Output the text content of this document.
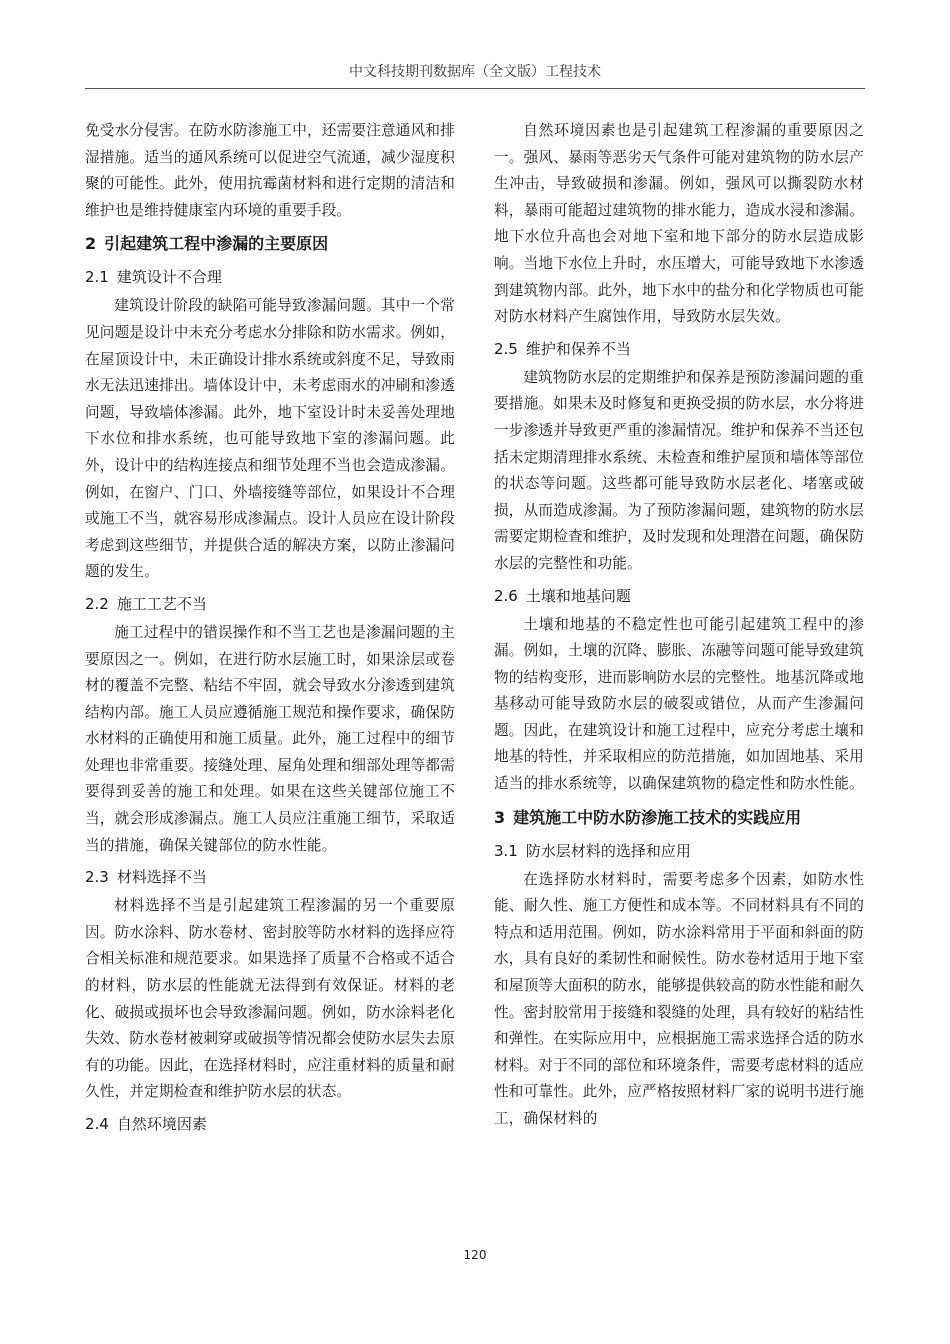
中文科技期刊数据库（全文版）工程技术

免受水分侵害。在防水防渗施工中，还需要注意通风和排湿措施。适当的通风系统可以促进空气流通，减少湿度积聚的可能性。此外，使用抗霉菌材料和进行定期的清洁和维护也是维持健康室内环境的重要手段。

2 引起建筑工程中渗漏的主要原因
2.1 建筑设计不合理

建筑设计阶段的缺陷可能导致渗漏问题。其中一个常见问题是设计中未充分考虑水分排除和防水需求。例如，在屋顶设计中，未正确设计排水系统或斜度不足，导致雨水无法迅速排出。墙体设计中，未考虑雨水的冲刷和渗透问题，导致墙体渗漏。此外，地下室设计时未妥善处理地下水位和排水系统，也可能导致地下室的渗漏问题。此外，设计中的结构连接点和细节处理不当也会造成渗漏。例如，在窗户、门口、外墙接缝等部位，如果设计不合理或施工不当，就容易形成渗漏点。设计人员应在设计阶段考虑到这些细节，并提供合适的解决方案，以防止渗漏问题的发生。

2.2 施工工艺不当

施工过程中的错误操作和不当工艺也是渗漏问题的主要原因之一。例如，在进行防水层施工时，如果涂层或卷材的覆盖不完整、粘结不牢固，就会导致水分渗透到建筑结构内部。施工人员应遵循施工规范和操作要求，确保防水材料的正确使用和施工质量。此外，施工过程中的细节处理也非常重要。接缝处理、屋角处理和细部处理等都需要得到妥善的施工和处理。如果在这些关键部位施工不当，就会形成渗漏点。施工人员应注重施工细节，采取适当的措施，确保关键部位的防水性能。

2.3 材料选择不当

材料选择不当是引起建筑工程渗漏的另一个重要原因。防水涂料、防水卷材、密封胶等防水材料的选择应符合相关标准和规范要求。如果选择了质量不合格或不适合的材料，防水层的性能就无法得到有效保证。材料的老化、破损或损坏也会导致渗漏问题。例如，防水涂料老化失效、防水卷材被刺穿或破损等情况都会使防水层失去原有的功能。因此，在选择材料时，应注重材料的质量和耐久性，并定期检查和维护防水层的状态。

2.4 自然环境因素

自然环境因素也是引起建筑工程渗漏的重要原因之一。强风、暴雨等恶劣天气条件可能对建筑物的防水层产生冲击，导致破损和渗漏。例如，强风可以撕裂防水材料，暴雨可能超过建筑物的排水能力，造成水浸和渗漏。地下水位升高也会对地下室和地下部分的防水层造成影响。当地下水位上升时，水压增大，可能导致地下水渗透到建筑物内部。此外，地下水中的盐分和化学物质也可能对防水材料产生腐蚀作用，导致防水层失效。

2.5 维护和保养不当

建筑物防水层的定期维护和保养是预防渗漏问题的重要措施。如果未及时修复和更换受损的防水层，水分将进一步渗透并导致更严重的渗漏情况。维护和保养不当还包括未定期清理排水系统、未检查和维护屋顶和墙体等部位的状态等问题。这些都可能导致防水层老化、堵塞或破损，从而造成渗漏。为了预防渗漏问题，建筑物的防水层需要定期检查和维护，及时发现和处理潜在问题，确保防水层的完整性和功能。

2.6 土壤和地基问题

土壤和地基的不稳定性也可能引起建筑工程中的渗漏。例如，土壤的沉降、膨胀、冻融等问题可能导致建筑物的结构变形，进而影响防水层的完整性。地基沉降或地基移动可能导致防水层的破裂或错位，从而产生渗漏问题。因此，在建筑设计和施工过程中，应充分考虑土壤和地基的特性，并采取相应的防范措施，如加固地基、采用适当的排水系统等，以确保建筑物的稳定性和防水性能。

3 建筑施工中防水防渗施工技术的实践应用
3.1 防水层材料的选择和应用

在选择防水材料时，需要考虑多个因素，如防水性能、耐久性、施工方便性和成本等。不同材料具有不同的特点和适用范围。例如，防水涂料常用于平面和斜面的防水，具有良好的柔韧性和耐候性。防水卷材适用于地下室和屋顶等大面积的防水，能够提供较高的防水性能和耐久性。密封胶常用于接缝和裂缝的处理，具有较好的粘结性和弹性。在实际应用中，应根据施工需求选择合适的防水材料。对于不同的部位和环境条件，需要考虑材料的适应性和可靠性。此外，应严格按照材料厂家的说明书进行施工，确保材料的

120
